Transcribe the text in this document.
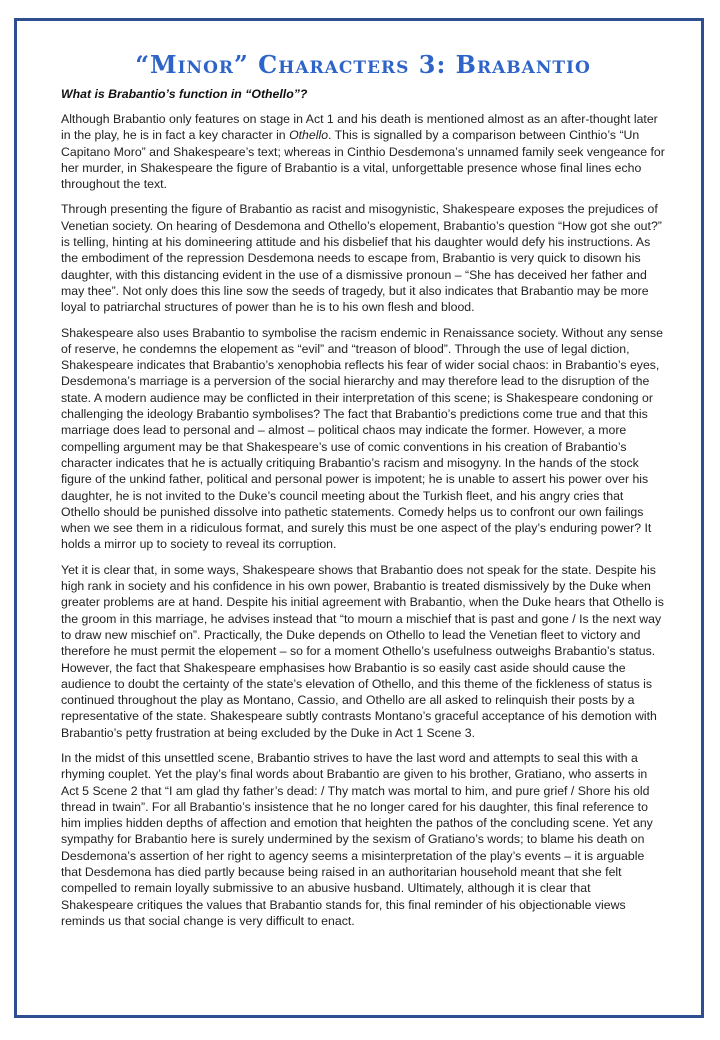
“Minor” Characters 3: Brabantio

What is Brabantio’s function in “Othello”?

Although Brabantio only features on stage in Act 1 and his death is mentioned almost as an after-thought later in the play, he is in fact a key character in Othello. This is signalled by a comparison between Cinthio’s “Un Capitano Moro” and Shakespeare’s text; whereas in Cinthio Desdemona’s unnamed family seek vengeance for her murder, in Shakespeare the figure of Brabantio is a vital, unforgettable presence whose final lines echo throughout the text.

Through presenting the figure of Brabantio as racist and misogynistic, Shakespeare exposes the prejudices of Venetian society. On hearing of Desdemona and Othello’s elopement, Brabantio’s question “How got she out?” is telling, hinting at his domineering attitude and his disbelief that his daughter would defy his instructions. As the embodiment of the repression Desdemona needs to escape from, Brabantio is very quick to disown his daughter, with this distancing evident in the use of a dismissive pronoun – “She has deceived her father and may thee”. Not only does this line sow the seeds of tragedy, but it also indicates that Brabantio may be more loyal to patriarchal structures of power than he is to his own flesh and blood.

Shakespeare also uses Brabantio to symbolise the racism endemic in Renaissance society. Without any sense of reserve, he condemns the elopement as “evil” and “treason of blood”. Through the use of legal diction, Shakespeare indicates that Brabantio’s xenophobia reflects his fear of wider social chaos: in Brabantio’s eyes, Desdemona’s marriage is a perversion of the social hierarchy and may therefore lead to the disruption of the state. A modern audience may be conflicted in their interpretation of this scene; is Shakespeare condoning or challenging the ideology Brabantio symbolises? The fact that Brabantio’s predictions come true and that this marriage does lead to personal and – almost – political chaos may indicate the former. However, a more compelling argument may be that Shakespeare’s use of comic conventions in his creation of Brabantio’s character indicates that he is actually critiquing Brabantio’s racism and misogyny. In the hands of the stock figure of the unkind father, political and personal power is impotent; he is unable to assert his power over his daughter, he is not invited to the Duke’s council meeting about the Turkish fleet, and his angry cries that Othello should be punished dissolve into pathetic statements. Comedy helps us to confront our own failings when we see them in a ridiculous format, and surely this must be one aspect of the play’s enduring power? It holds a mirror up to society to reveal its corruption.

Yet it is clear that, in some ways, Shakespeare shows that Brabantio does not speak for the state. Despite his high rank in society and his confidence in his own power, Brabantio is treated dismissively by the Duke when greater problems are at hand. Despite his initial agreement with Brabantio, when the Duke hears that Othello is the groom in this marriage, he advises instead that “to mourn a mischief that is past and gone / Is the next way to draw new mischief on”. Practically, the Duke depends on Othello to lead the Venetian fleet to victory and therefore he must permit the elopement – so for a moment Othello’s usefulness outweighs Brabantio’s status. However, the fact that Shakespeare emphasises how Brabantio is so easily cast aside should cause the audience to doubt the certainty of the state’s elevation of Othello, and this theme of the fickleness of status is continued throughout the play as Montano, Cassio, and Othello are all asked to relinquish their posts by a representative of the state. Shakespeare subtly contrasts Montano’s graceful acceptance of his demotion with Brabantio’s petty frustration at being excluded by the Duke in Act 1 Scene 3.

In the midst of this unsettled scene, Brabantio strives to have the last word and attempts to seal this with a rhyming couplet. Yet the play’s final words about Brabantio are given to his brother, Gratiano, who asserts in Act 5 Scene 2 that “I am glad thy father’s dead: / Thy match was mortal to him, and pure grief / Shore his old thread in twain”. For all Brabantio’s insistence that he no longer cared for his daughter, this final reference to him implies hidden depths of affection and emotion that heighten the pathos of the concluding scene. Yet any sympathy for Brabantio here is surely undermined by the sexism of Gratiano’s words; to blame his death on Desdemona’s assertion of her right to agency seems a misinterpretation of the play’s events – it is arguable that Desdemona has died partly because being raised in an authoritarian household meant that she felt compelled to remain loyally submissive to an abusive husband. Ultimately, although it is clear that Shakespeare critiques the values that Brabantio stands for, this final reminder of his objectionable views reminds us that social change is very difficult to enact.
